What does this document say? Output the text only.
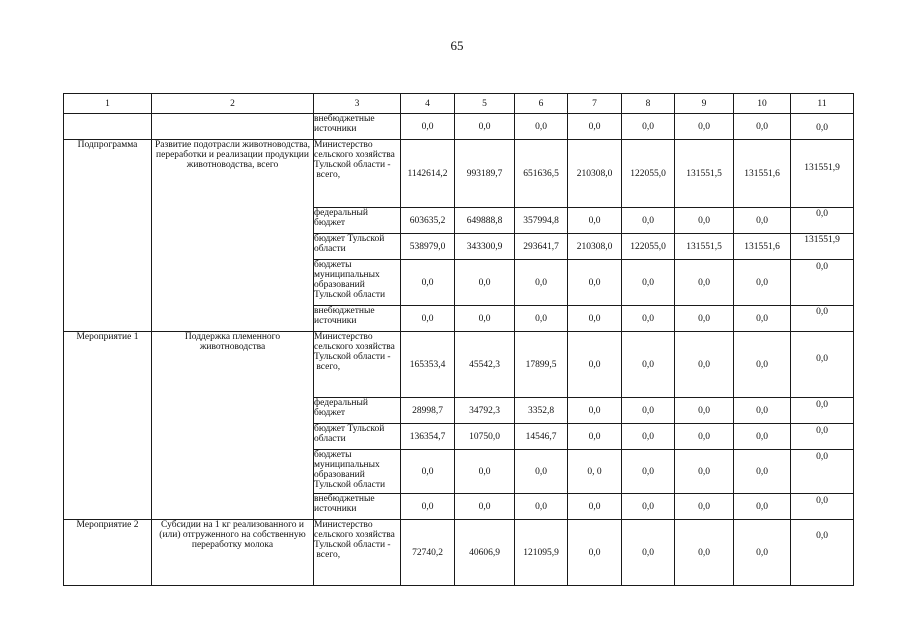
65
1	2	3	4	5	6	7	8	9	10	11
		внебюджетные источники	0,0	0,0	0,0	0,0	0,0	0,0	0,0	0,0
Подпрограмма	Развитие подотрасли животноводства, переработки и реализации продукции животноводства, всего	Министерство сельского хозяйства Тульской области - всего,	1142614,2	993189,7	651636,5	210308,0	122055,0	131551,5	131551,6	131551,9
		федеральный бюджет	603635,2	649888,8	357994,8	0,0	0,0	0,0	0,0	0,0
		бюджет Тульской области	538979,0	343300,9	293641,7	210308,0	122055,0	131551,5	131551,6	131551,9
		бюджеты муниципальных образований Тульской области	0,0	0,0	0,0	0,0	0,0	0,0	0,0	0,0
		внебюджетные источники	0,0	0,0	0,0	0,0	0,0	0,0	0,0	0,0
Мероприятие 1	Поддержка племенного животноводства	Министерство сельского хозяйства Тульской области - всего,	165353,4	45542,3	17899,5	0,0	0,0	0,0	0,0	0,0
		федеральный бюджет	28998,7	34792,3	3352,8	0,0	0,0	0,0	0,0	0,0
		бюджет Тульской области	136354,7	10750,0	14546,7	0,0	0,0	0,0	0,0	0,0
		бюджеты муниципальных образований Тульской области	0,0	0,0	0,0	0, 0	0,0	0,0	0,0	0,0
		внебюджетные источники	0,0	0,0	0,0	0,0	0,0	0,0	0,0	0,0
Мероприятие 2	Субсидии на 1 кг реализованного и (или) отгруженного на собственную переработку молока	Министерство сельского хозяйства Тульской области - всего,	72740,2	40606,9	121095,9	0,0	0,0	0,0	0,0	0,0
